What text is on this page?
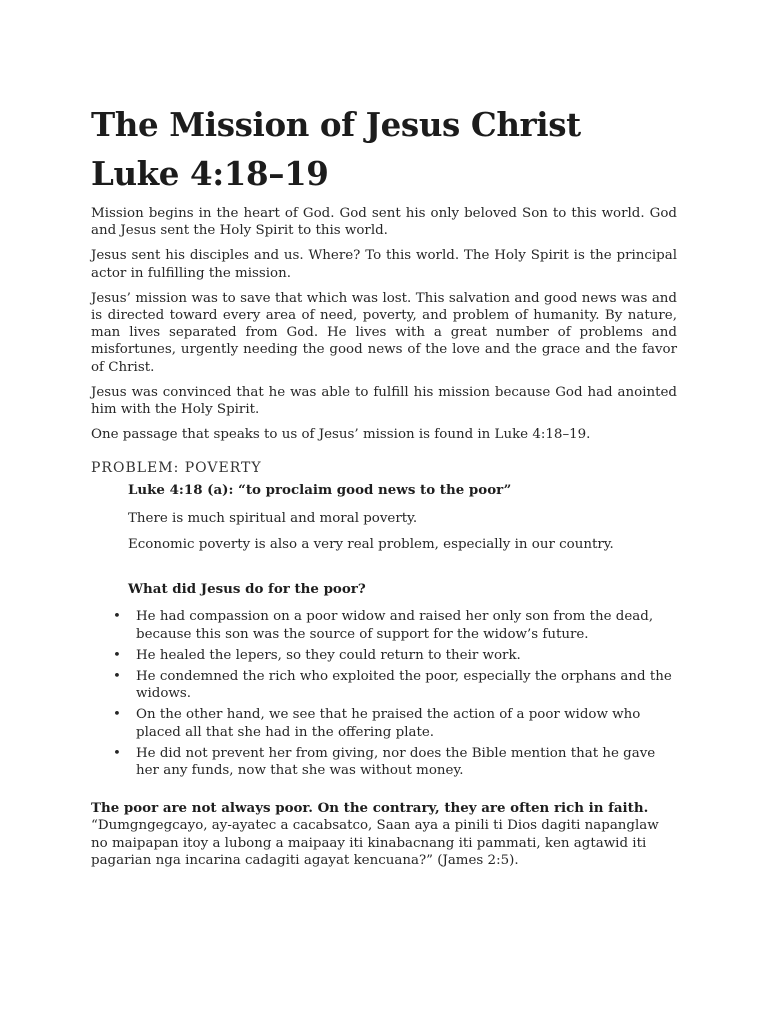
The Mission of Jesus Christ
Luke 4:18–19

Mission begins in the heart of God. God sent his only beloved Son to this world. God and Jesus sent the Holy Spirit to this world.

Jesus sent his disciples and us. Where? To this world. The Holy Spirit is the principal actor in fulfilling the mission.

Jesus’ mission was to save that which was lost. This salvation and good news was and is directed toward every area of need, poverty, and problem of humanity. By nature, man lives separated from God. He lives with a great number of problems and misfortunes, urgently needing the good news of the love and the grace and the favor of Christ.

Jesus was convinced that he was able to fulfill his mission because God had anointed him with the Holy Spirit.

One passage that speaks to us of Jesus’ mission is found in Luke 4:18–19.

PROBLEM: POVERTY

Luke 4:18 (a): “to proclaim good news to the poor”

There is much spiritual and moral poverty.

Economic poverty is also a very real problem, especially in our country.

What did Jesus do for the poor?

• He had compassion on a poor widow and raised her only son from the dead, because this son was the source of support for the widow’s future.
• He healed the lepers, so they could return to their work.
• He condemned the rich who exploited the poor, especially the orphans and the widows.
• On the other hand, we see that he praised the action of a poor widow who placed all that she had in the offering plate.
• He did not prevent her from giving, nor does the Bible mention that he gave her any funds, now that she was without money.

The poor are not always poor. On the contrary, they are often rich in faith. “Dumgngegcayo, ay-ayatec a cacabsatco, Saan aya a pinili ti Dios dagiti napanglaw no maipapan itoy a lubong a maipaay iti kinabacnang iti pammati, ken agtawid iti pagarian nga incarina cadagiti agayat kencuana?” (James 2:5).
